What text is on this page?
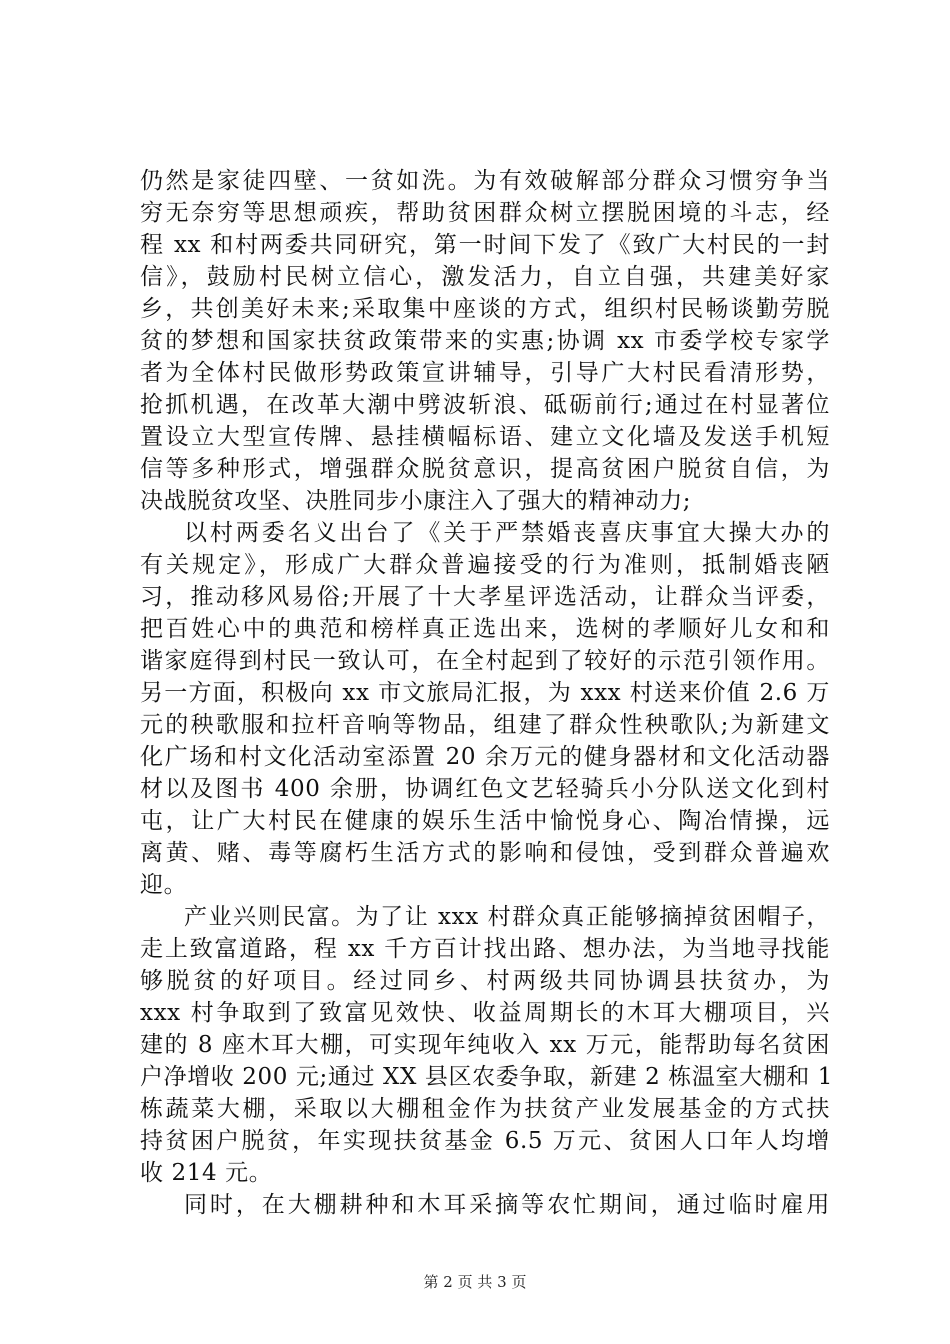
仍然是家徒四壁、一贫如洗。为有效破解部分群众习惯穷争当
穷无奈穷等思想顽疾，帮助贫困群众树立摆脱困境的斗志，经
程 xx 和村两委共同研究，第一时间下发了《致广大村民的一封
信》，鼓励村民树立信心，激发活力，自立自强，共建美好家
乡，共创美好未来;采取集中座谈的方式，组织村民畅谈勤劳脱
贫的梦想和国家扶贫政策带来的实惠;协调 xx 市委学校专家学
者为全体村民做形势政策宣讲辅导，引导广大村民看清形势，
抢抓机遇，在改革大潮中劈波斩浪、砥砺前行;通过在村显著位
置设立大型宣传牌、悬挂横幅标语、建立文化墙及发送手机短
信等多种形式，增强群众脱贫意识，提高贫困户脱贫自信，为
决战脱贫攻坚、决胜同步小康注入了强大的精神动力;
以村两委名义出台了《关于严禁婚丧喜庆事宜大操大办的
有关规定》，形成广大群众普遍接受的行为准则，抵制婚丧陋
习，推动移风易俗;开展了十大孝星评选活动，让群众当评委，
把百姓心中的典范和榜样真正选出来，选树的孝顺好儿女和和
谐家庭得到村民一致认可，在全村起到了较好的示范引领作用。
另一方面，积极向 xx 市文旅局汇报，为 xxx 村送来价值 2.6 万
元的秧歌服和拉杆音响等物品，组建了群众性秧歌队;为新建文
化广场和村文化活动室添置 20 余万元的健身器材和文化活动器
材以及图书 400 余册，协调红色文艺轻骑兵小分队送文化到村
屯，让广大村民在健康的娱乐生活中愉悦身心、陶冶情操，远
离黄、赌、毒等腐朽生活方式的影响和侵蚀，受到群众普遍欢
迎。
产业兴则民富。为了让 xxx 村群众真正能够摘掉贫困帽子，
走上致富道路，程 xx 千方百计找出路、想办法，为当地寻找能
够脱贫的好项目。经过同乡、村两级共同协调县扶贫办，为
xxx 村争取到了致富见效快、收益周期长的木耳大棚项目，兴
建的 8 座木耳大棚，可实现年纯收入 xx 万元，能帮助每名贫困
户净增收 200 元;通过 XX 县区农委争取，新建 2 栋温室大棚和 1
栋蔬菜大棚，采取以大棚租金作为扶贫产业发展基金的方式扶
持贫困户脱贫，年实现扶贫基金 6.5 万元、贫困人口年人均增
收 214 元。
同时，在大棚耕种和木耳采摘等农忙期间，通过临时雇用
第 2 页 共 3 页
